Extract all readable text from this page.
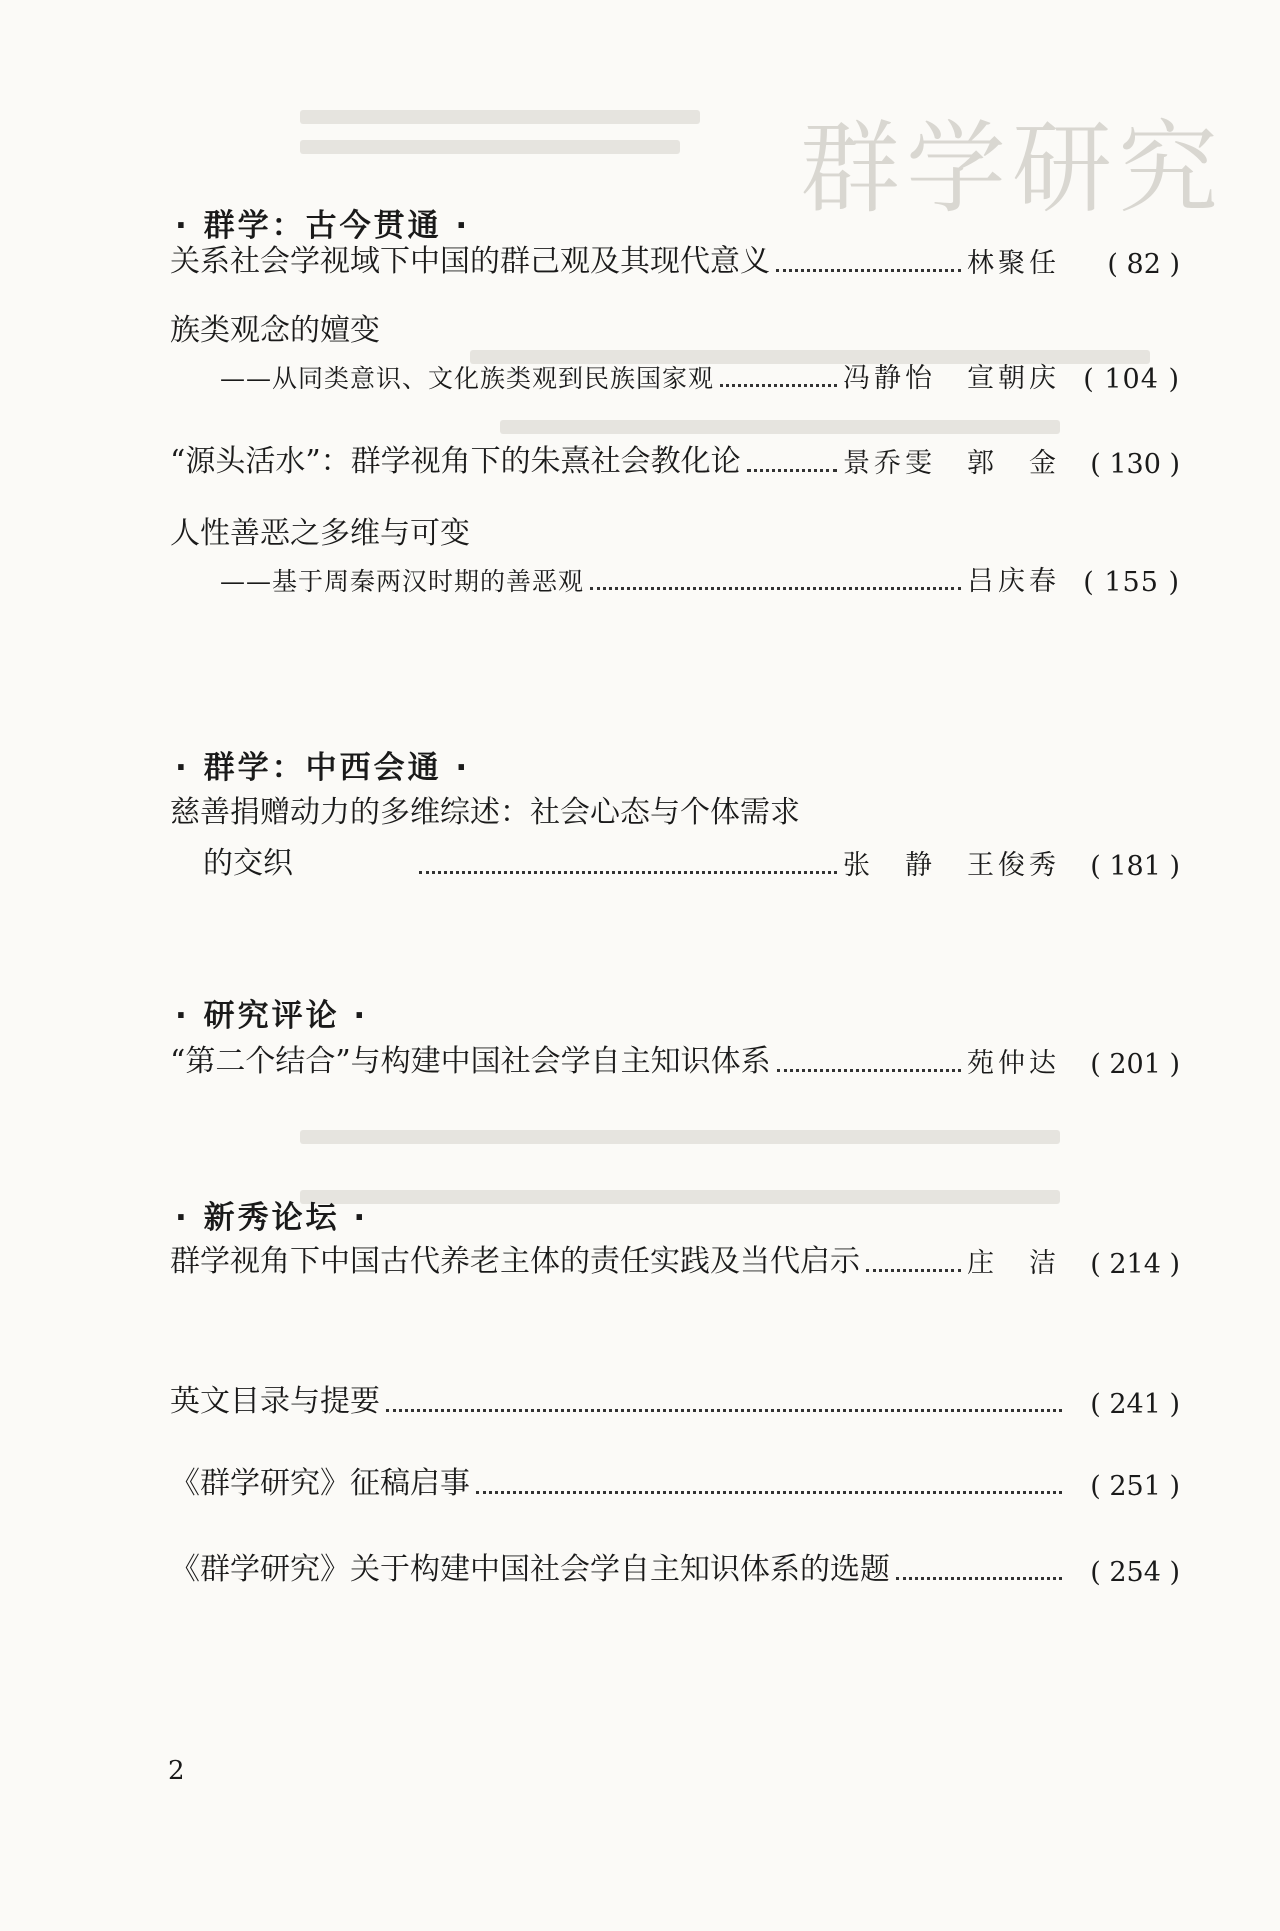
群学研究
· 群学：古今贯通 ·
关系社会学视域下中国的群己观及其现代意义	林聚任	( 82 )
族类观念的嬗变
——从同类意识、文化族类观到民族国家观	冯静怡　宣朝庆 ( 104 )
“源头活水”：群学视角下的朱熹社会教化论	景乔雯　郭　金	( 130 )
人性善恶之多维与可变
——基于周秦两汉时期的善恶观	吕庆春 ( 155 )
· 群学：中西会通 ·
慈善捐赠动力的多维综述：社会心态与个体需求
的交织	张　静　王俊秀	( 181 )
· 研究评论 ·
“第二个结合”与构建中国社会学自主知识体系	苑仲达	( 201 )
· 新秀论坛 ·
群学视角下中国古代养老主体的责任实践及当代启示	庄　洁	( 214 )
英文目录与提要	( 241 )
《群学研究》征稿启事	( 251 )
《群学研究》关于构建中国社会学自主知识体系的选题	( 254 )
2
